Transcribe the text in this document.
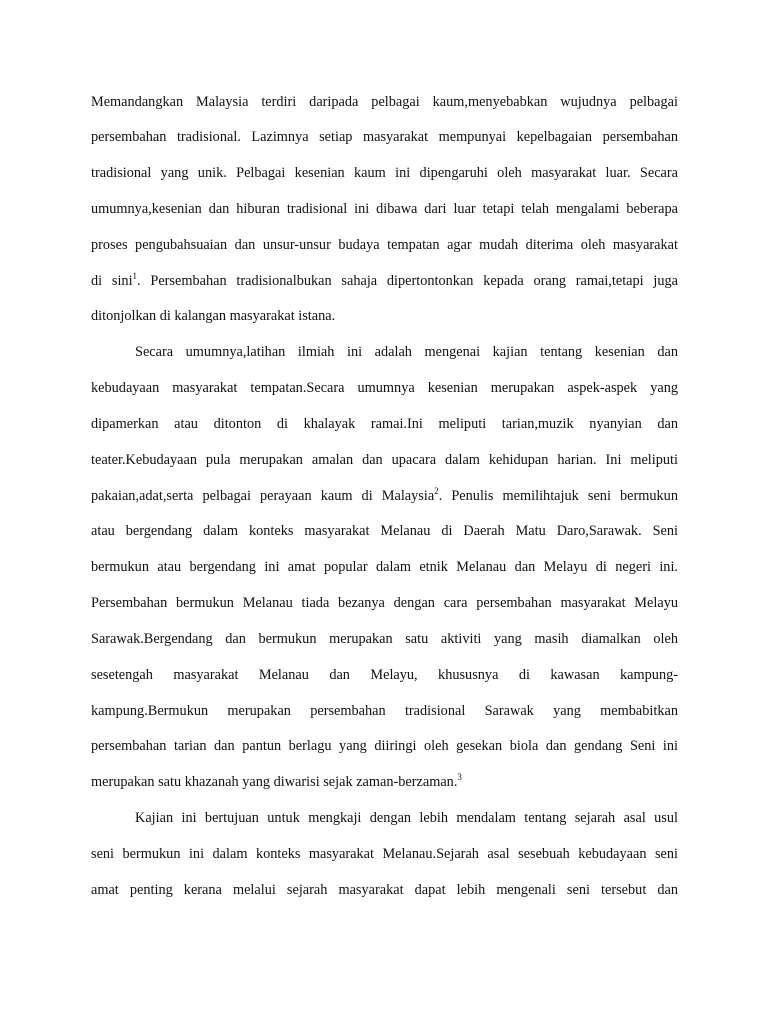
Memandangkan Malaysia terdiri daripada pelbagai kaum,menyebabkan wujudnya pelbagai
persembahan tradisional. Lazimnya setiap masyarakat mempunyai kepelbagaian persembahan
tradisional yang unik. Pelbagai kesenian kaum ini dipengaruhi oleh masyarakat luar. Secara
umumnya,kesenian dan hiburan tradisional ini dibawa dari luar tetapi telah mengalami beberapa
proses pengubahsuaian dan unsur-unsur budaya tempatan agar mudah diterima oleh masyarakat
di sini$^1$. Persembahan tradisionalbukan sahaja dipertontonkan kepada orang ramai,tetapi juga
ditonjolkan di kalangan masyarakat istana.
Secara umumnya,latihan ilmiah ini adalah mengenai kajian tentang kesenian dan
kebudayaan masyarakat tempatan.Secara umumnya kesenian merupakan aspek-aspek yang
dipamerkan atau ditonton di khalayak ramai.Ini meliputi tarian,muzik nyanyian dan
teater.Kebudayaan pula merupakan amalan dan upacara dalam kehidupan harian. Ini meliputi
pakaian,adat,serta pelbagai perayaan kaum di Malaysia$^2$. Penulis memilihtajuk seni bermukun
atau bergendang dalam konteks masyarakat Melanau di Daerah Matu Daro,Sarawak. Seni
bermukun atau bergendang ini amat popular dalam etnik Melanau dan Melayu di negeri ini.
Persembahan bermukun Melanau tiada bezanya dengan cara persembahan masyarakat Melayu
Sarawak.Bergendang dan bermukun merupakan satu aktiviti yang masih diamalkan oleh
sesetengah masyarakat Melanau dan Melayu, khususnya di kawasan kampung-
kampung.Bermukun merupakan persembahan tradisional Sarawak yang membabitkan
persembahan tarian dan pantun berlagu yang diiringi oleh gesekan biola dan gendang Seni ini
merupakan satu khazanah yang diwarisi sejak zaman-berzaman.$^3$
Kajian ini bertujuan untuk mengkaji dengan lebih mendalam tentang sejarah asal usul
seni bermukun ini dalam konteks masyarakat Melanau.Sejarah asal sesebuah kebudayaan seni
amat penting kerana melalui sejarah masyarakat dapat lebih mengenali seni tersebut dan
